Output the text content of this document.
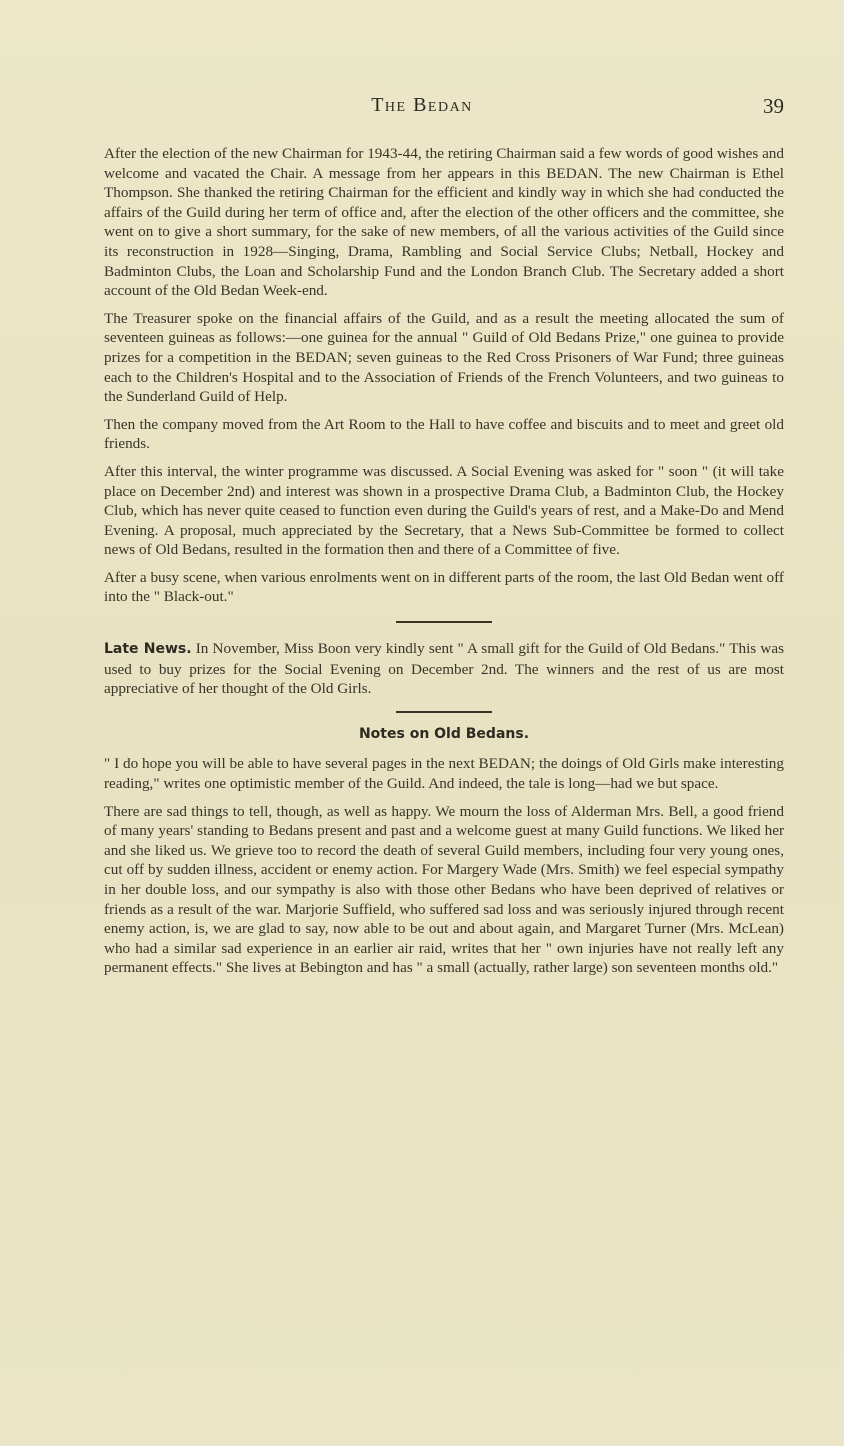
The Bedan	39

After the election of the new Chairman for 1943-44, the retiring Chairman said a few words of good wishes and welcome and vacated the Chair. A message from her appears in this BEDAN. The new Chairman is Ethel Thompson. She thanked the retiring Chairman for the efficient and kindly way in which she had conducted the affairs of the Guild during her term of office and, after the election of the other officers and the committee, she went on to give a short summary, for the sake of new members, of all the various activities of the Guild since its reconstruction in 1928—Singing, Drama, Rambling and Social Service Clubs; Netball, Hockey and Badminton Clubs, the Loan and Scholarship Fund and the London Branch Club. The Secretary added a short account of the Old Bedan Week-end.

The Treasurer spoke on the financial affairs of the Guild, and as a result the meeting allocated the sum of seventeen guineas as follows:—one guinea for the annual " Guild of Old Bedans Prize," one guinea to provide prizes for a competition in the BEDAN; seven guineas to the Red Cross Prisoners of War Fund; three guineas each to the Children's Hospital and to the Association of Friends of the French Volunteers, and two guineas to the Sunderland Guild of Help.

Then the company moved from the Art Room to the Hall to have coffee and biscuits and to meet and greet old friends.

After this interval, the winter programme was discussed. A Social Evening was asked for " soon " (it will take place on December 2nd) and interest was shown in a prospective Drama Club, a Badminton Club, the Hockey Club, which has never quite ceased to function even during the Guild's years of rest, and a Make-Do and Mend Evening. A proposal, much appreciated by the Secretary, that a News Sub-Committee be formed to collect news of Old Bedans, resulted in the formation then and there of a Committee of five.

After a busy scene, when various enrolments went on in different parts of the room, the last Old Bedan went off into the " Black-out."

Late News. In November, Miss Boon very kindly sent " A small gift for the Guild of Old Bedans." This was used to buy prizes for the Social Evening on December 2nd. The winners and the rest of us are most appreciative of her thought of the Old Girls.

Notes on Old Bedans.

" I do hope you will be able to have several pages in the next BEDAN; the doings of Old Girls make interesting reading," writes one optimistic member of the Guild. And indeed, the tale is long—had we but space.

There are sad things to tell, though, as well as happy. We mourn the loss of Alderman Mrs. Bell, a good friend of many years' standing to Bedans present and past and a welcome guest at many Guild functions. We liked her and she liked us. We grieve too to record the death of several Guild members, including four very young ones, cut off by sudden illness, accident or enemy action. For Margery Wade (Mrs. Smith) we feel especial sympathy in her double loss, and our sympathy is also with those other Bedans who have been deprived of relatives or friends as a result of the war. Marjorie Suffield, who suffered sad loss and was seriously injured through recent enemy action, is, we are glad to say, now able to be out and about again, and Margaret Turner (Mrs. McLean) who had a similar sad experience in an earlier air raid, writes that her " own injuries have not really left any permanent effects." She lives at Bebington and has " a small (actually, rather large) son seventeen months old."
